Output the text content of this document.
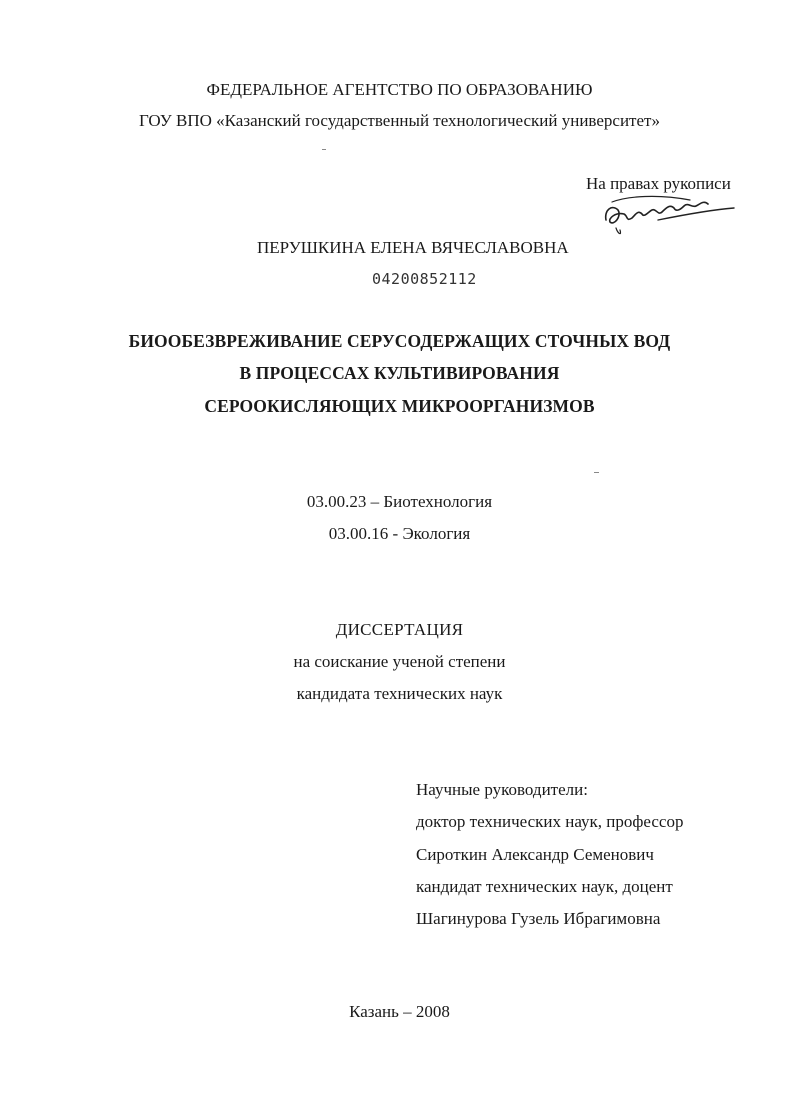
ФЕДЕРАЛЬНОЕ АГЕНТСТВО ПО ОБРАЗОВАНИЮ
ГОУ ВПО «Казанский государственный технологический университет»
На правах рукописи
ПЕРУШКИНА ЕЛЕНА ВЯЧЕСЛАВОВНА
04200852112
БИООБЕЗВРЕЖИВАНИЕ СЕРУСОДЕРЖАЩИХ СТОЧНЫХ ВОД
В ПРОЦЕССАХ КУЛЬТИВИРОВАНИЯ
СЕРООКИСЛЯЮЩИХ МИКРООРГАНИЗМОВ
03.00.23 – Биотехнология
03.00.16 - Экология
ДИССЕРТАЦИЯ
на соискание ученой степени
кандидата технических наук
Научные руководители:
доктор технических наук, профессор
Сироткин Александр Семенович
кандидат технических наук, доцент
Шагинурова Гузель Ибрагимовна
Казань – 2008
